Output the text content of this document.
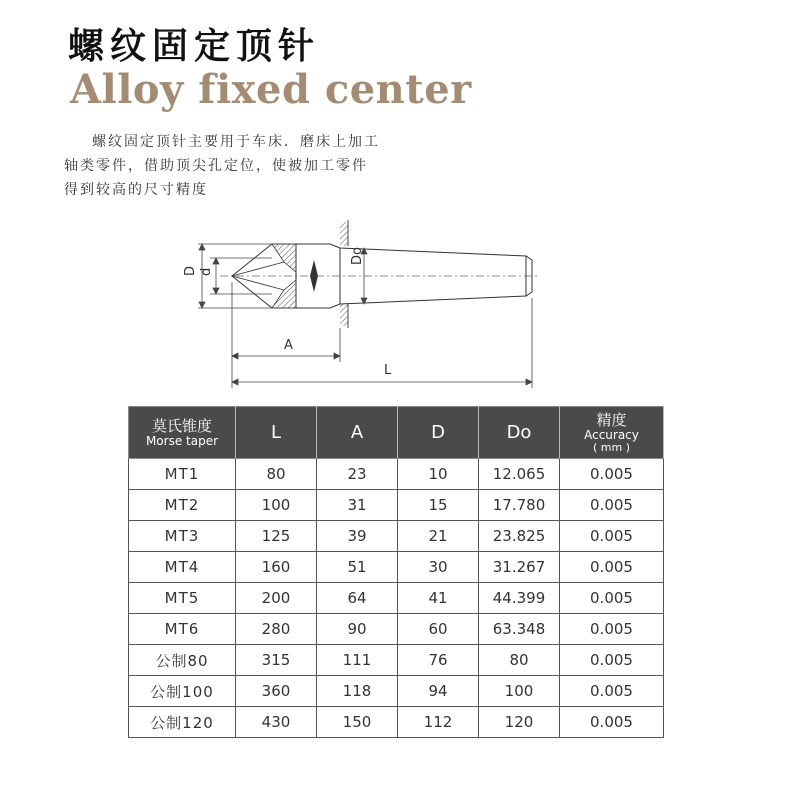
螺纹固定顶针
Alloy fixed center
螺纹固定顶针主要用于车床．磨床上加工
轴类零件，借助顶尖孔定位，使被加工零件
得到较高的尺寸精度
Do
D d
A
L
莫氏锥度
Morse taper	L	A	D	Do	精度
Accuracy
( mm )

MT1	80	23	10	12.065	0.005
MT2	100	31	15	17.780	0.005
MT3	125	39	21	23.825	0.005
MT4	160	51	30	31.267	0.005
MT5	200	64	41	44.399	0.005
MT6	280	90	60	63.348	0.005
公制80	315	111	76	80	0.005
公制100	360	118	94	100	0.005
公制120	430	150	112	120	0.005
